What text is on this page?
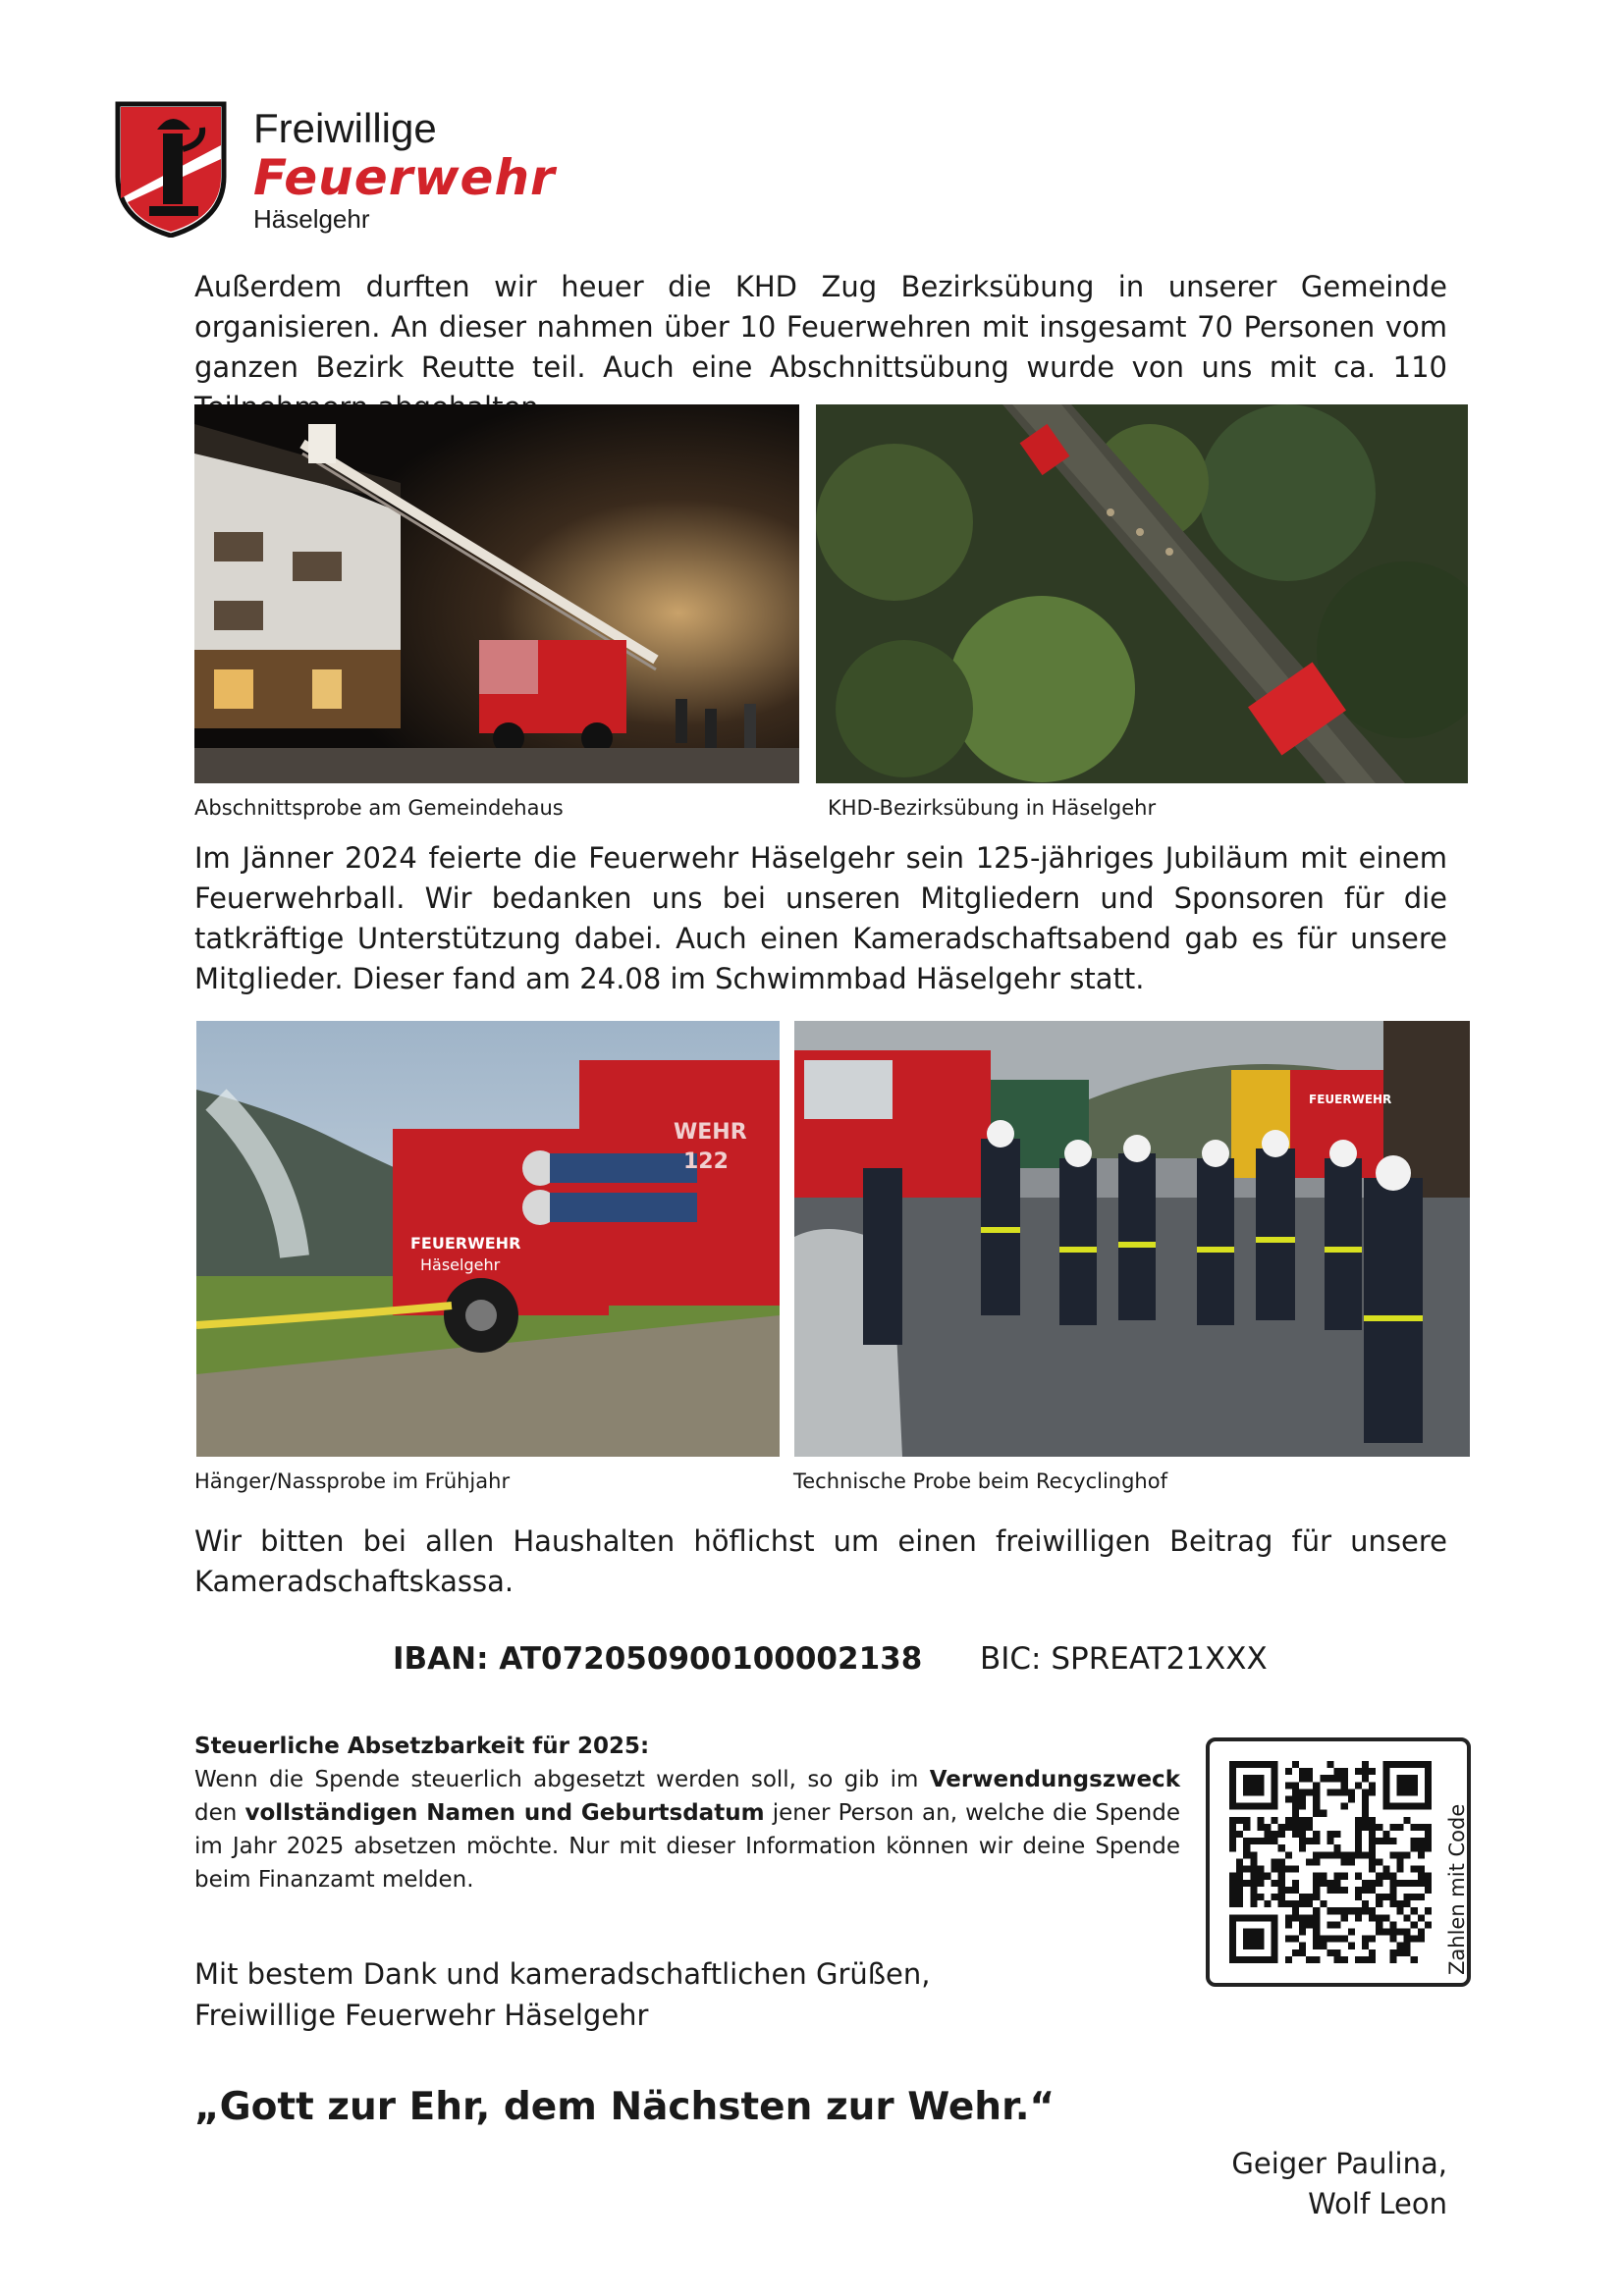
Freiwillige
Feuerwehr
Häselgehr
Außerdem durften wir heuer die KHD Zug Bezirksübung in unserer Gemeinde organisieren. An dieser nahmen über 10 Feuerwehren mit insgesamt 70 Personen vom ganzen Bezirk Reutte teil. Auch eine Abschnittsübung wurde von uns mit ca. 110
Abschnittsprobe am Gemeindehaus	KHD-Bezirksübung in Häselgehr
Im Jänner 2024 feierte die Feuerwehr Häselgehr sein 125-jähriges Jubiläum mit einem Feuerwehrball. Wir bedanken uns bei unseren Mitgliedern und Sponsoren für die tatkräftige Unterstützung dabei. Auch einen Kameradschaftsabend gab es für unsere Mitglieder. Dieser fand am 24.08 im Schwimmbad Häselgehr statt.
FEUERWEHR
Häselgehr
WEHR
122
FEUERWEHR
Hänger/Nassprobe im Frühjahr	Technische Probe beim Recyclinghof
Wir bitten bei allen Haushalten höflichst um einen freiwilligen Beitrag für unsere Kameradschaftskassa.
IBAN: AT072050900100002138 BIC: SPREAT21XXX
Steuerliche Absetzbarkeit für 2025:
Wenn die Spende steuerlich abgesetzt werden soll, so gib im Verwendungszweck den vollständigen Namen und Geburtsdatum jener Person an, welche die Spende im Jahr 2025 absetzen möchte. Nur mit dieser Information können wir deine Spende beim Finanzamt melden.	Zahlen mit Code
Mit bestem Dank und kameradschaftlichen Grüßen,
Freiwillige Feuerwehr Häselgehr
„Gott zur Ehr, dem Nächsten zur Wehr.“
Geiger Paulina,
Wolf Leon
